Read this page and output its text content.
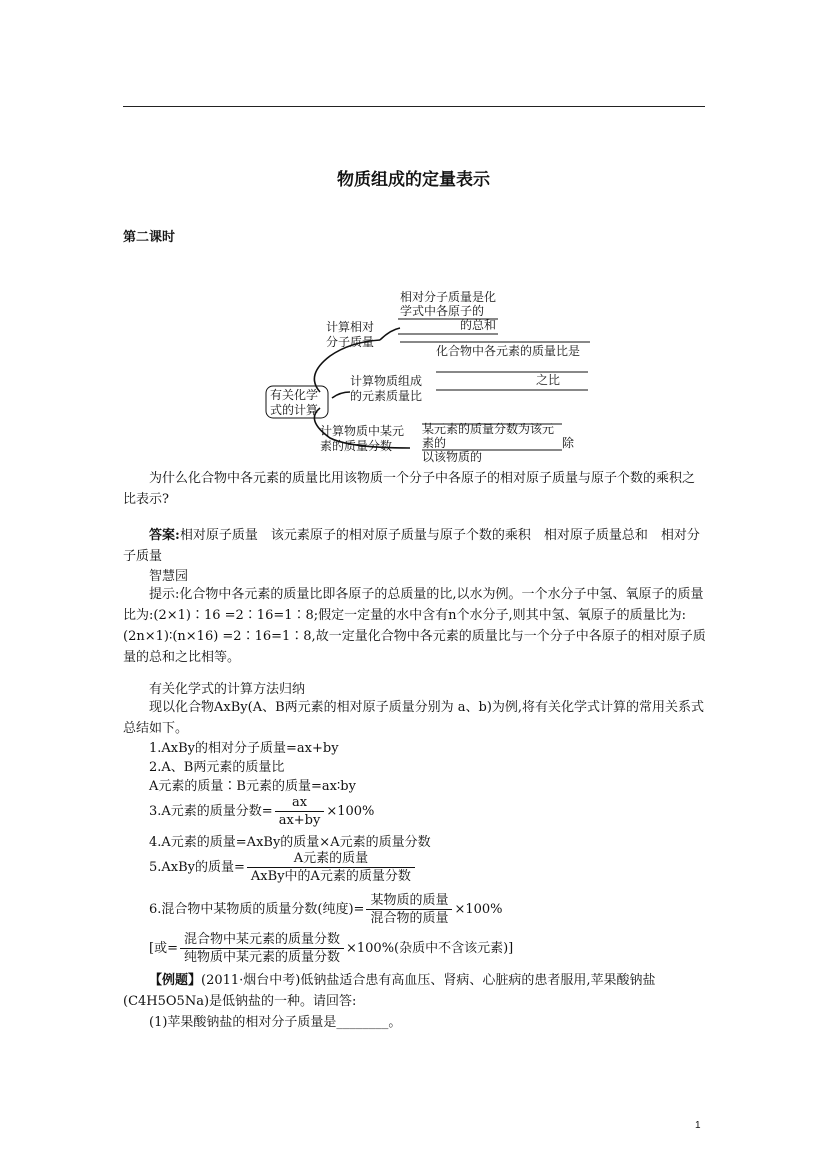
物质组成的定量表示
第二课时
有关化学
式的计算
计算相对
分子质量
相对分子质量是化
学式中各原子的
的总和
计算物质组成
的元素质量比
化合物中各元素的质量比是
之比
计算物质中某元
素的质量分数
某元素的质量分数为该元
素的	除
以该物质的
为什么化合物中各元素的质量比用该物质一个分子中各原子的相对原子质量与原子个数的乘积之比表示?
答案:相对原子质量　该元素原子的相对原子质量与原子个数的乘积　相对原子质量总和　相对分子质量
智慧园
提示:化合物中各元素的质量比即各原子的总质量的比,以水为例。一个水分子中氢、氧原子的质量比为:(2×1)∶16 =2∶16=1∶8;假定一定量的水中含有n个水分子,则其中氢、氧原子的质量比为:(2n×1)∶(n×16) =2∶16=1∶8,故一定量化合物中各元素的质量比与一个分子中各原子的相对原子质量的总和之比相等。
有关化学式的计算方法归纳
现以化合物AxBy(A、B两元素的相对原子质量分别为 a、b)为例,将有关化学式计算的常用关系式总结如下。
1.AxBy的相对分子质量=ax+by
2.A、B两元素的质量比
A元素的质量∶B元素的质量=ax∶by
3.A元素的质量分数= $\frac{ax}{ax+by} \times 100\%$
4.A元素的质量=AxBy的质量×A元素的质量分数
5.AxBy的质量= $\frac{\text{A元素的质量}}{\text{AxBy中的A元素的质量分数}}$
6.混合物中某物质的质量分数(纯度)= $\frac{\text{某物质的质量}}{\text{混合物的质量}} \times 100\%$
[或= $\frac{\text{混合物中某元素的质量分数}}{\text{纯物质中某元素的质量分数}} \times 100\%$(杂质中不含该元素)]
【例题】(2011·烟台中考)低钠盐适合患有高血压、肾病、心脏病的患者服用,苹果酸钠盐(C4H5O5Na)是低钠盐的一种。请回答:
(1)苹果酸钠盐的相对分子质量是________。
1
